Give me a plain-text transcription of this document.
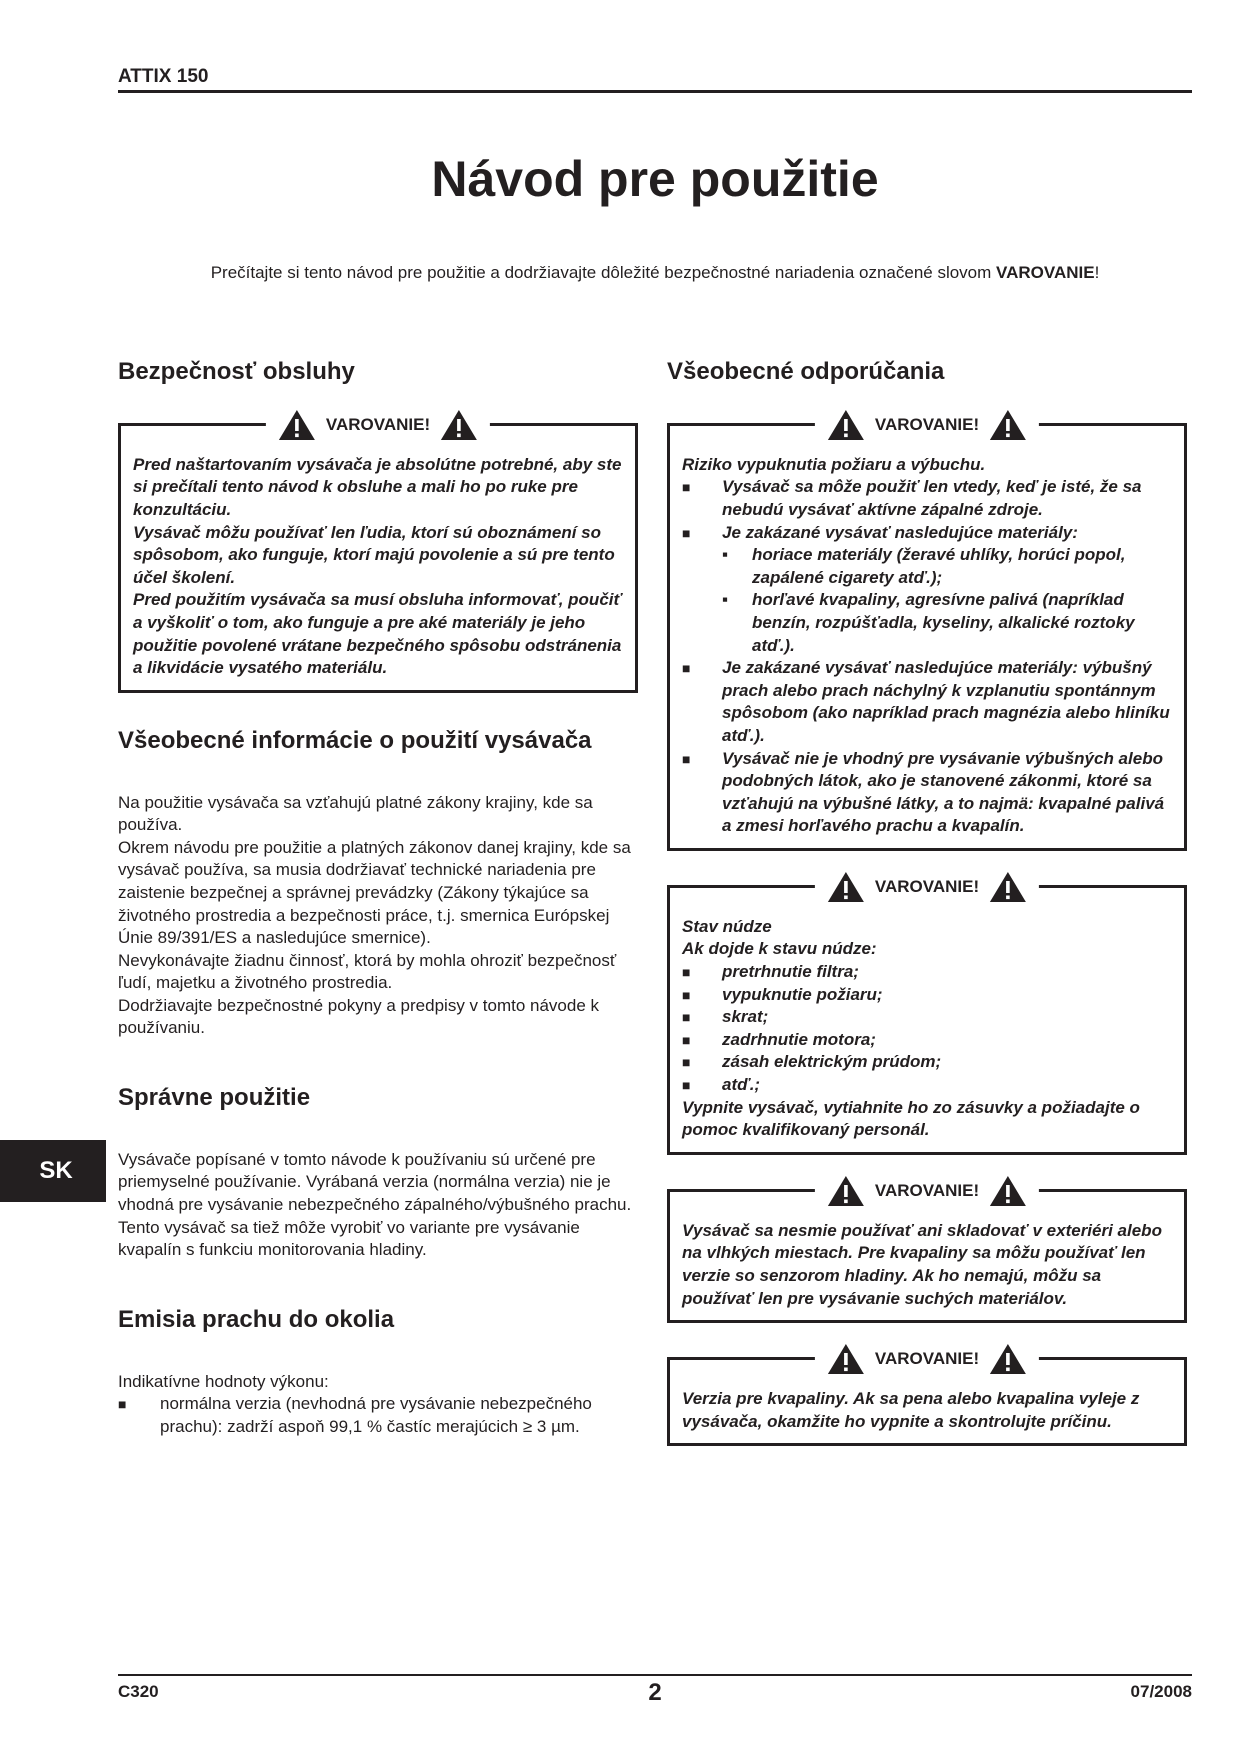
ATTIX 150
Návod pre použitie
Prečítajte si tento návod pre použitie a dodržiavajte dôležité bezpečnostné nariadenia označené slovom VAROVANIE!
Bezpečnosť obsluhy
VAROVANIE!
Pred naštartovaním vysávača je absolútne potrebné, aby ste si prečítali tento návod k obsluhe a mali ho po ruke pre konzultáciu.
Vysávač môžu používať len ľudia, ktorí sú oboznámení so spôsobom, ako funguje, ktorí majú povolenie a sú pre tento účel školení.
Pred použitím vysávača sa musí obsluha informovať, poučiť a vyškoliť o tom, ako funguje a pre aké materiály je jeho použitie povolené vrátane bezpečného spôsobu odstránenia a likvidácie vysatého materiálu.
Všeobecné informácie o použití vysávača

Na použitie vysávača sa vzťahujú platné zákony krajiny, kde sa používa.

Okrem návodu pre použitie a platných zákonov danej krajiny, kde sa vysávač používa, sa musia dodržiavať technické nariadenia pre zaistenie bezpečnej a správnej prevádzky (Zákony týkajúce sa životného prostredia a bezpečnosti práce, t.j. smernica Európskej Únie 89/391/ES a nasledujúce smernice).

Nevykonávajte žiadnu činnosť, ktorá by mohla ohroziť bezpečnosť ľudí, majetku a životného prostredia.

Dodržiavajte bezpečnostné pokyny a predpisy v tomto návode k používaniu.

Správne použitie

Vysávače popísané v tomto návode k používaniu sú určené pre priemyselné používanie. Vyrábaná verzia (normálna verzia) nie je vhodná pre vysávanie nebezpečného zápalného/výbušného prachu.

Tento vysávač sa tiež môže vyrobiť vo variante pre vysávanie kvapalín s funkciu monitorovania hladiny.

Emisia prachu do okolia

Indikatívne hodnoty výkonu:

■ normálna verzia (nevhodná pre vysávanie nebezpečného prachu): zadrží aspoň 99,1 % častíc merajúcich ≥ 3 µm.
Všeobecné odporúčania
VAROVANIE!
Riziko vypuknutia požiaru a výbuchu.
■ Vysávač sa môže použiť len vtedy, keď je isté, že sa nebudú vysávať aktívne zápalné zdroje.
■ Je zakázané vysávať nasledujúce materiály:
▪ horiace materiály (žeravé uhlíky, horúci popol, zapálené cigarety atď.);
▪ horľavé kvapaliny, agresívne palivá (napríklad benzín, rozpúšťadla, kyseliny, alkalické roztoky atď.).
■ Je zakázané vysávať nasledujúce materiály: výbušný prach alebo prach náchylný k vzplanutiu spontánnym spôsobom (ako napríklad prach magnézia alebo hliníku atď.).
■ Vysávač nie je vhodný pre vysávanie výbušných alebo podobných látok, ako je stanovené zákonmi, ktoré sa vzťahujú na výbušné látky, a to najmä: kvapalné palivá a zmesi horľavého prachu a kvapalín.
VAROVANIE!
Stav núdze
Ak dojde k stavu núdze:
■ pretrhnutie filtra;
■ vypuknutie požiaru;
■ skrat;
■ zadrhnutie motora;
■ zásah elektrickým prúdom;
■ atď.;
Vypnite vysávač, vytiahnite ho zo zásuvky a požiadajte o pomoc kvalifikovaný personál.
VAROVANIE!
Vysávač sa nesmie používať ani skladovať v exteriéri alebo na vlhkých miestach. Pre kvapaliny sa môžu používať len verzie so senzorom hladiny. Ak ho nemajú, môžu sa používať len pre vysávanie suchých materiálov.
VAROVANIE!
Verzia pre kvapaliny. Ak sa pena alebo kvapalina vyleje z vysávača, okamžite ho vypnite a skontrolujte príčinu.
SK
C320	2	07/2008
